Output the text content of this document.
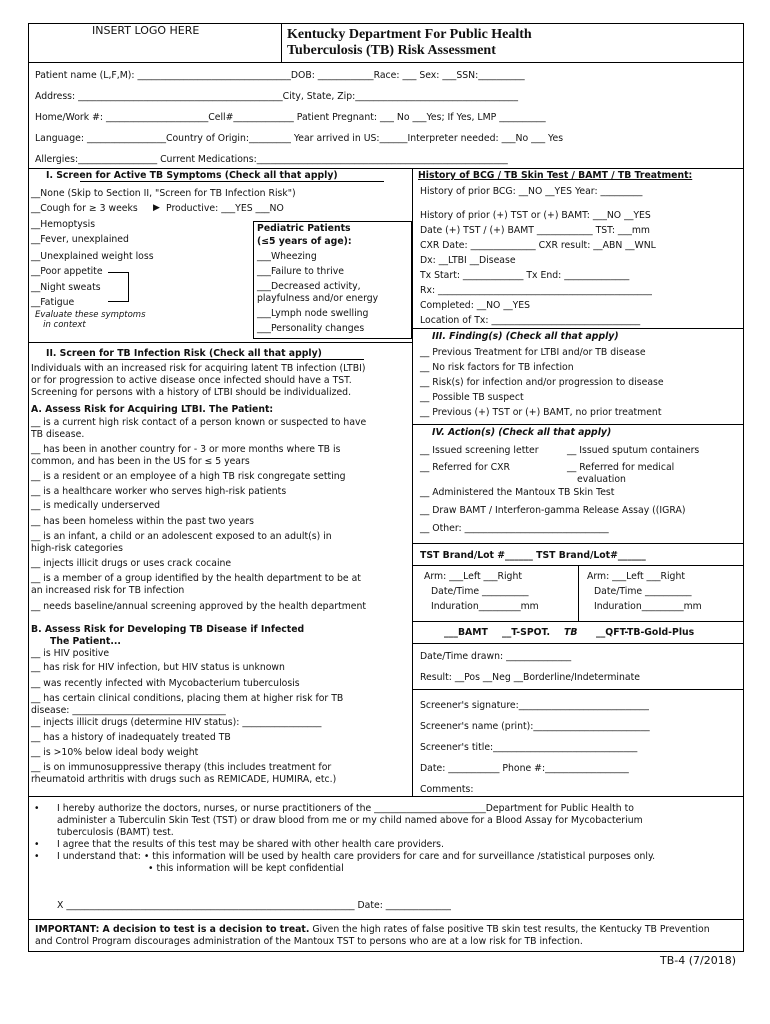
INSERT LOGO HERE	Kentucky Department For Public Health
Tuberculosis (TB) Risk Assessment
Patient name (L,F,M): _________________________________DOB: ____________Race: ___ Sex: ___SSN:__________
Address: ____________________________________________City, State, Zip:___________________________________
Home/Work #: ______________________Cell#_____________ Patient Pregnant: ___ No ___Yes; If Yes, LMP __________
Language: _________________Country of Origin:_________ Year arrived in US:______Interpreter needed: ___No ___ Yes
Allergies:_________________ Current Medications:______________________________________________________
I. Screen for Active TB Symptoms (Check all that apply)
__None (Skip to Section II, "Screen for TB Infection Risk")
__Cough for ≥ 3 weeks ▶ Productive: ___YES ___NO
__Hemoptysis
__Fever, unexplained
__Unexplained weight loss
__Poor appetite
__Night sweats
__Fatigue
Evaluate these symptoms
in context
Pediatric Patients
(≤5 years of age):
___Wheezing
___Failure to thrive
___Decreased activity,
playfulness and/or energy
___Lymph node swelling
___Personality changes
History of BCG / TB Skin Test / BAMT / TB Treatment:
History of prior BCG: __NO __YES Year: _________
History of prior (+) TST or (+) BAMT: ___NO __YES
Date (+) TST / (+) BAMT ____________ TST: ___mm
CXR Date: ______________ CXR result: __ABN __WNL
Dx: __LTBI __Disease
Tx Start: _____________ Tx End: ______________
Rx: ______________________________________________
Completed: __NO __YES
Location of Tx: ________________________________
III. Finding(s) (Check all that apply)
__ Previous Treatment for LTBI and/or TB disease
__ No risk factors for TB infection
__ Risk(s) for infection and/or progression to disease
__ Possible TB suspect
__ Previous (+) TST or (+) BAMT, no prior treatment
IV. Action(s) (Check all that apply)
__ Issued screening letter	__ Issued sputum containers
__ Referred for CXR	__ Referred for medical
evaluation
__ Administered the Mantoux TB Skin Test
__ Draw BAMT / Interferon-gamma Release Assay ((IGRA)
__ Other: _______________________________
TST Brand/Lot #______ TST Brand/Lot#______
Arm: ___Left ___Right
Date/Time __________
Induration_________mm
Arm: ___Left ___Right
Date/Time __________
Induration_________mm
___BAMT __T-SPOT. TB __QFT-TB-Gold-Plus
Date/Time drawn: ______________
Result: __Pos __Neg __Borderline/Indeterminate
Screener's signature:____________________________
Screener's name (print):_________________________
Screener's title:_______________________________
Date: ___________ Phone #:__________________
Comments:
II. Screen for TB Infection Risk (Check all that apply)
Individuals with an increased risk for acquiring latent TB infection (LTBI)
or for progression to active disease once infected should have a TST.
Screening for persons with a history of LTBI should be individualized.
A. Assess Risk for Acquiring LTBI. The Patient:
__ is a current high risk contact of a person known or suspected to have
TB disease.
__ has been in another country for - 3 or more months where TB is
common, and has been in the US for ≤ 5 years
__ is a resident or an employee of a high TB risk congregate setting
__ is a healthcare worker who serves high-risk patients
__ is medically underserved
__ has been homeless within the past two years
__ is an infant, a child or an adolescent exposed to an adult(s) in
high-risk categories
__ injects illicit drugs or uses crack cocaine
__ is a member of a group identified by the health department to be at
an increased risk for TB infection
__ needs baseline/annual screening approved by the health department
B. Assess Risk for Developing TB Disease if Infected
The Patient...
__ is HIV positive
__ has risk for HIV infection, but HIV status is unknown
__ was recently infected with Mycobacterium tuberculosis
__ has certain clinical conditions, placing them at higher risk for TB
disease: _________________________________
__ injects illicit drugs (determine HIV status): _________________
__ has a history of inadequately treated TB
__ is >10% below ideal body weight
__ is on immunosuppressive therapy (this includes treatment for
rheumatoid arthritis with drugs such as REMICADE, HUMIRA, etc.)
• I hereby authorize the doctors, nurses, or nurse practitioners of the ________________________Department for Public Health to
administer a Tuberculin Skin Test (TST) or draw blood from me or my child named above for a Blood Assay for Mycobacterium
tuberculosis (BAMT) test.
• I agree that the results of this test may be shared with other health care providers.
• I understand that: • this information will be used by health care providers for care and for surveillance /statistical purposes only.
• this information will be kept confidential
X ______________________________________________________________ Date: ______________
IMPORTANT: A decision to test is a decision to treat. Given the high rates of false positive TB skin test results, the Kentucky TB Prevention
and Control Program discourages administration of the Mantoux TST to persons who are at a low risk for TB infection.
TB-4 (7/2018)
